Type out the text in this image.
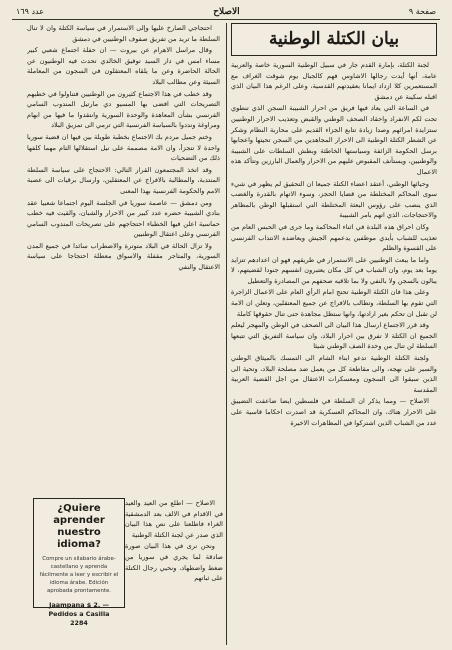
صفحة ٩
الاصلاح
عدد ١٦٩
بيان الكتلة الوطنية

لجنة الكتلة، بإمارة القدم جار في سبيل الوطنية السورية خاصة والعربية عامة، أنها أيدت رجالها الاشاوس فهم كالجبال يوم شوقت الغراف مع المستعمرين كلا ازداد ايمانا بعقيدتهم القدسية، وعلى الرغم هذا البيان الذي اقبله سكينة عن دمشق

في الساعة التي يعاد فيها فريق من احرار الشبيبة السجن الذي تنطوي تحت لكم الانفراد واحقاد الصحف الوطني والقبض وتعذيب الاحرار الوطنيين ستزايدة امرائهم وصدا زيادة تتابع الجزاء القديم على محاربة النظام وشكر عن الشطر الكتلة الوطنية الى الاحرار المجاهدين من السجن تحيتها واعجابها برسل الحكومة الزائفة وسياستها الخاطئة وبطش السلطات على الشبيبة والوطنيين، ويستأنف المقبوض عليهم من الاحرار والعمال البارزين وتتأكد هذه الاعمال

وحيائها الوطني، أعتقد اعضاء الكتلة جميعا ان التحقيق لم يظهر في شيء سوى المحاكم المختلطة من قضايا الحجز، وسوء الاتهام بالقدرة والغضب الذي ينصب على رؤوس البعثة المختلطة التي استقبلها الوطن بالمظاهر والاحتجاجات، الذي اتهم بامر الشبيبة

وكان احراق هذه البلدة في اثناء المحاكمة وما جرى في الحبس العام من تعذيب للشباب بأيدي موظفين يدعمهم الجيش ويعاضده الانتداب الفرنسي على القسوة والظلم

واما ما يبعث الوطنيين على الاستمرار في طريقهم فهو ان اعدادهم تتزايد يوما بعد يوم، وان الشباب في كل مكان يعتبرون انفسهم جنودا لقضيتهم، لا يبالون بالسجن ولا بالنفي ولا بما تلاقيه صحفهم من المصادرة والتعطيل

وعلى هذا فان الكتلة الوطنية تحتج امام الرأي العام على الاعمال الزاجرة التي تقوم بها السلطة، وتطالب بالافراج عن جميع المعتقلين، وتعلن ان الامة لن تقبل ان تحكم بغير ارادتها، وانها ستظل مجاهدة حتى تنال حقوقها كاملة

وقد قرر الاجتماع ارسال هذا البيان الى الصحف في الوطن والمهجر ليعلم الجميع ان الكتلة لا تفرق بين احرار البلاد، وان سياسة التفريق التي تتبعها السلطة لن تنال من وحدة الصف الوطني شيئا

ولجنة الكتلة الوطنية تدعو ابناء الشام الى التمسك بالميثاق الوطني والسير على نهجه، والى مقاطعة كل من يعمل ضد مصلحة البلاد، وتحية الى الذين سيقوا الى السجون ومعسكرات الاعتقال من اجل القضية العربية المقدسة

الاصلاح — ومما يذكر ان السلطة في فلسطين ايضا ضاعفت التضييق على الاحرار هناك، وان المحاكم العسكرية قد اصدرت احكاما قاسية على عدد من الشباب الذين اشتركوا في المظاهرات الاخيرة

احتجاجي الصارخ عليها وإلى الاستمرار في سياسة الكتلة وان لا تنال السلطة ما تريد من تفريق صفوف الوطنيين في دمشق

وقال مراسل الاهرام عن بيروت — ان حفلة اجتماع شعبي كبير مساء امس في دار السيد توفيق الخالدي تحدث فيه الوطنيون عن الحالة الحاضرة وعن ما يلقاه المعتقلون في السجون من المعاملة السيئة وعن مطالب البلاد

وقد خطب في هذا الاجتماع كثيرون من الوطنيين فتناولوا في خطبهم التصريحات التي افضى بها المسيو دي مارتيل المندوب السامي الفرنسي بشأن المعاهدة والوحدة السورية وانتقدوا ما فيها من ابهام ومراوغة ونددوا بالسياسة الفرنسية التي ترمي الى تمزيق البلاد

وختم جميل مردم بك الاجتماع بخطبة طويلة بين فيها ان قضية سوريا واحدة لا تتجزأ، وان الامة مصممة على نيل استقلالها التام مهما كلفها ذلك من التضحيات

وقد اتخذ المجتمعون القرار التالي: الاحتجاج على سياسة السلطة المنتدبة، والمطالبة بالافراج عن المعتقلين، وارسال برقيات الى عصبة الامم والحكومة الفرنسية بهذا المعنى

ومن دمشق — عاصمة سوريا في الجلسة اليوم اجتماعا شعبيا عقد بنادي الشبيبة حضره عدد كبير من الاحرار والشبان، والقيت فيه خطب حماسية اعلن فيها الخطباء احتجاجهم على تصريحات المندوب السامي الفرنسي وعلى اعتقال الوطنيين

ولا تزال الحالة في البلاد متوترة والاضطراب سائدا في جميع المدن السورية، والمتاجر مقفلة والاسواق معطلة احتجاجا على سياسة الاعتقال والنفي

الاصلاح — اطلع من العيد والعيد في الاقدام في الالف بعد الدمشقية الغراء فاطلعنا على نص هذا البيان الذي صدر عن لجنة الكتلة الوطنية

ونحن نرى في هذا البيان صورة صادقة لما يجري في سوريا من ضغط واضطهاد، ونحيي رجال الكتلة على ثباتهم

¿Quiere aprender nuestro idioma?
Compre un silabario árabe-castellano y aprenda fácilmente a leer y escribir el idioma árabe. Edición aprobada prontamente.
Jaampana $ 2. — Pedidos a Casilla 2284
